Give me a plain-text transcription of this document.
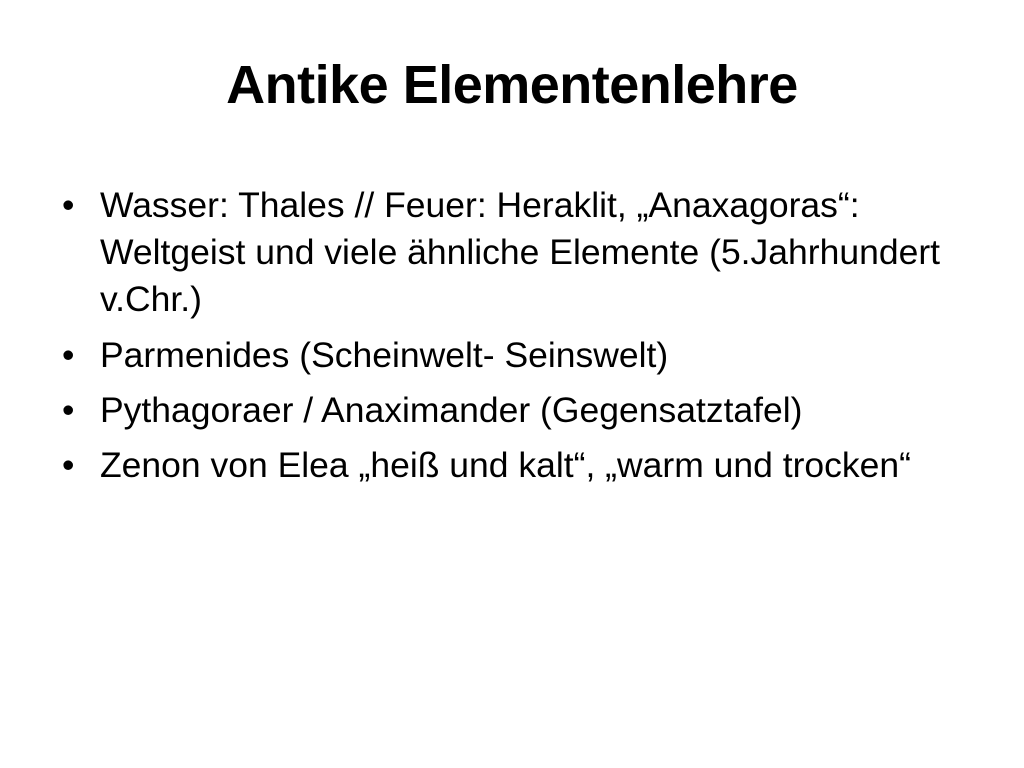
Antike Elementenlehre
• Wasser: Thales // Feuer: Heraklit, „Anaxagoras“: Weltgeist und viele ähnliche Elemente (5.Jahrhundert v.Chr.)
• Parmenides (Scheinwelt- Seinswelt)
• Pythagoraer / Anaximander (Gegensatztafel)
• Zenon von Elea „heiß und kalt“, „warm und trocken“
